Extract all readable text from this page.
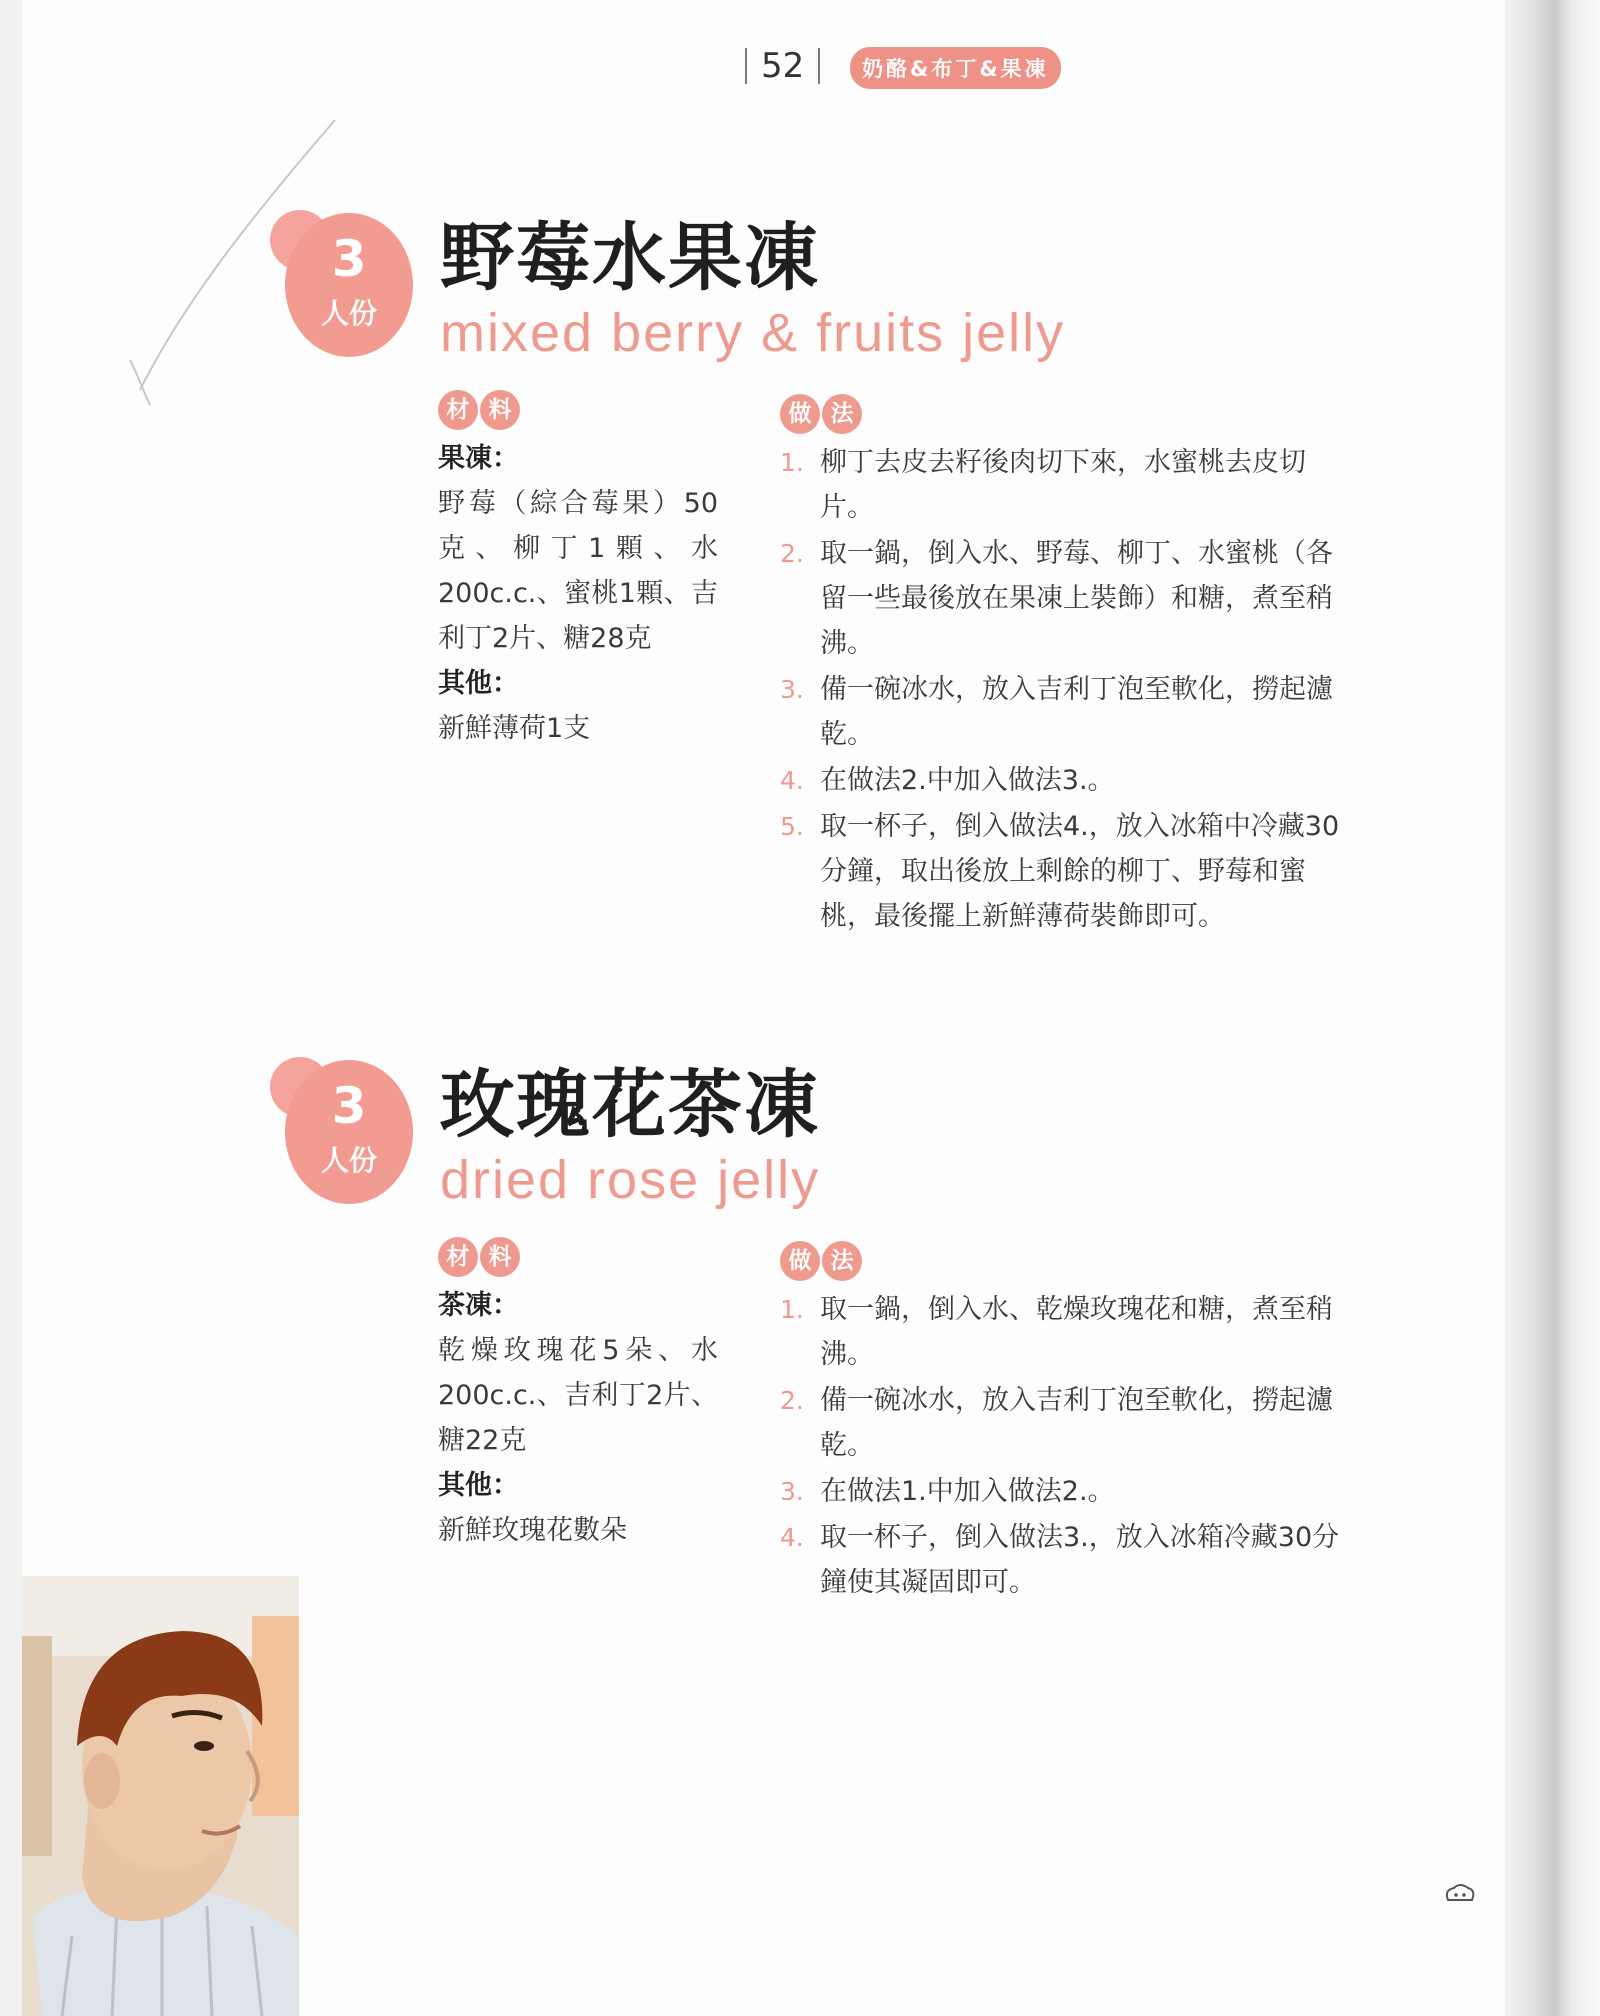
52	奶酪&布丁&果凍
3
人份
野莓水果凍
mixed berry & fruits jelly
材 料	做 法
果凍：
野莓（綜合莓果）50克、柳丁1顆、水200c.c.、蜜桃1顆、吉利丁2片、糖28克
其他：
新鮮薄荷1支
1. 柳丁去皮去籽後肉切下來，水蜜桃去皮切片。
2. 取一鍋，倒入水、野莓、柳丁、水蜜桃（各留一些最後放在果凍上裝飾）和糖，煮至稍沸。
3. 備一碗冰水，放入吉利丁泡至軟化，撈起濾乾。
4. 在做法2.中加入做法3.。
5. 取一杯子，倒入做法4.，放入冰箱中冷藏30分鐘，取出後放上剩餘的柳丁、野莓和蜜桃，最後擺上新鮮薄荷裝飾即可。
3
人份
玫瑰花茶凍
dried rose jelly
材 料	做 法
茶凍：
乾燥玫瑰花5朵、水200c.c.、吉利丁2片、糖22克
其他：
新鮮玫瑰花數朵
1. 取一鍋，倒入水、乾燥玫瑰花和糖，煮至稍沸。
2. 備一碗冰水，放入吉利丁泡至軟化，撈起濾乾。
3. 在做法1.中加入做法2.。
4. 取一杯子，倒入做法3.，放入冰箱冷藏30分鐘使其凝固即可。
